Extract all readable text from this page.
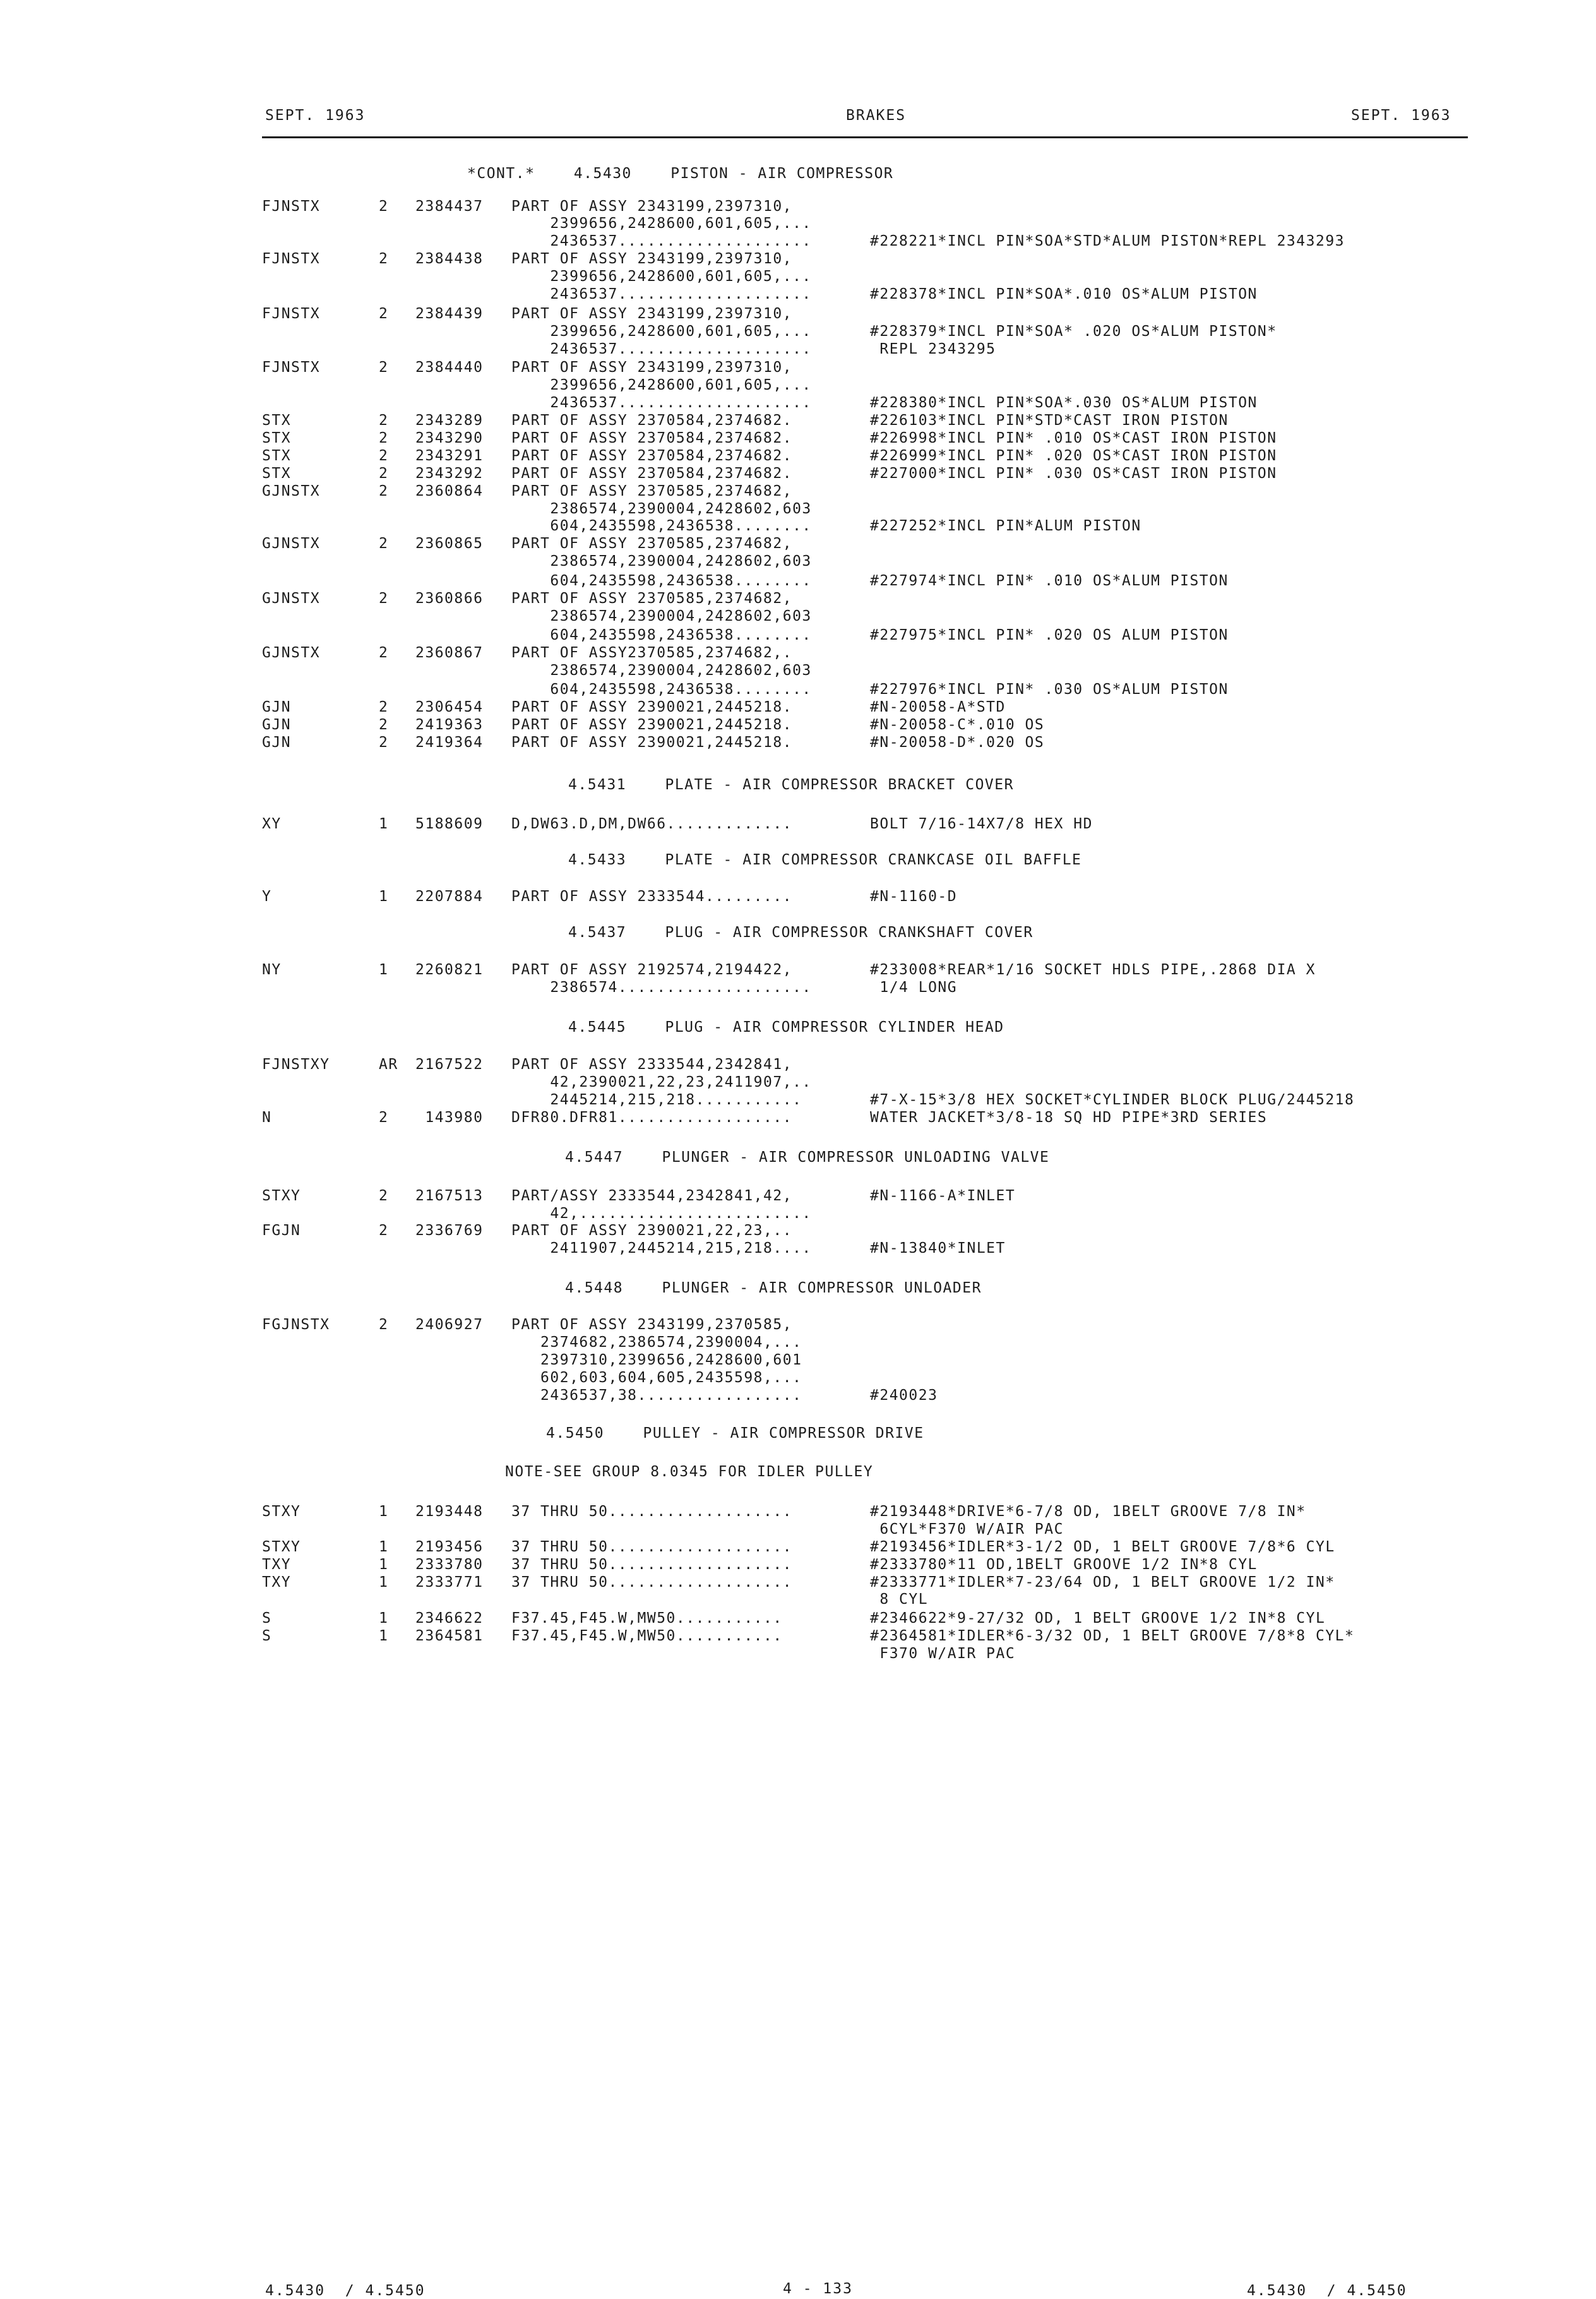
SEPT. 1963	BRAKES	SEPT. 1963
*CONT.*    4.5430    PISTON - AIR COMPRESSOR
FJNSTX	2 2384437 PART OF ASSY 2343199,2397310,
2399656,2428600,601,605,...
2436537....................	#228221*INCL PIN*SOA*STD*ALUM PISTON*REPL 2343293
FJNSTX	2 2384438 PART OF ASSY 2343199,2397310,
2399656,2428600,601,605,...
2436537....................	#228378*INCL PIN*SOA*.010 OS*ALUM PISTON
FJNSTX	2 2384439 PART OF ASSY 2343199,2397310,
2399656,2428600,601,605,...	#228379*INCL PIN*SOA* .020 OS*ALUM PISTON*
2436537....................	REPL 2343295
FJNSTX	2 2384440 PART OF ASSY 2343199,2397310,
2399656,2428600,601,605,...
2436537....................	#228380*INCL PIN*SOA*.030 OS*ALUM PISTON
STX	2 2343289 PART OF ASSY 2370584,2374682.	#226103*INCL PIN*STD*CAST IRON PISTON
STX	2 2343290 PART OF ASSY 2370584,2374682.	#226998*INCL PIN* .010 OS*CAST IRON PISTON
STX	2 2343291 PART OF ASSY 2370584,2374682.	#226999*INCL PIN* .020 OS*CAST IRON PISTON
STX	2 2343292 PART OF ASSY 2370584,2374682.	#227000*INCL PIN* .030 OS*CAST IRON PISTON
GJNSTX	2 2360864 PART OF ASSY 2370585,2374682,
2386574,2390004,2428602,603
604,2435598,2436538........	#227252*INCL PIN*ALUM PISTON
GJNSTX	2 2360865 PART OF ASSY 2370585,2374682,
2386574,2390004,2428602,603
604,2435598,2436538........	#227974*INCL PIN* .010 OS*ALUM PISTON
GJNSTX	2 2360866 PART OF ASSY 2370585,2374682,
2386574,2390004,2428602,603
604,2435598,2436538........	#227975*INCL PIN* .020 OS ALUM PISTON
GJNSTX	2 2360867 PART OF ASSY2370585,2374682,.
2386574,2390004,2428602,603
604,2435598,2436538........	#227976*INCL PIN* .030 OS*ALUM PISTON
GJN	2 2306454 PART OF ASSY 2390021,2445218.	#N-20058-A*STD
GJN	2 2419363 PART OF ASSY 2390021,2445218.	#N-20058-C*.010 OS
GJN	2 2419364 PART OF ASSY 2390021,2445218.	#N-20058-D*.020 OS
4.5431    PLATE - AIR COMPRESSOR BRACKET COVER
XY	1 5188609 D,DW63.D,DM,DW66.............	BOLT 7/16-14X7/8 HEX HD
4.5433    PLATE - AIR COMPRESSOR CRANKCASE OIL BAFFLE
Y	1 2207884 PART OF ASSY 2333544.........	#N-1160-D
4.5437    PLUG - AIR COMPRESSOR CRANKSHAFT COVER
NY	1 2260821 PART OF ASSY 2192574,2194422,	#233008*REAR*1/16 SOCKET HDLS PIPE,.2868 DIA X
2386574....................	1/4 LONG
4.5445    PLUG - AIR COMPRESSOR CYLINDER HEAD
FJNSTXY	AR 2167522 PART OF ASSY 2333544,2342841,
42,2390021,22,23,2411907,..
2445214,215,218...........	#7-X-15*3/8 HEX SOCKET*CYLINDER BLOCK PLUG/2445218
N	2 143980 DFR80.DFR81..................	WATER JACKET*3/8-18 SQ HD PIPE*3RD SERIES
4.5447    PLUNGER - AIR COMPRESSOR UNLOADING VALVE
STXY	2 2167513 PART/ASSY 2333544,2342841,42,	#N-1166-A*INLET
42,........................
FGJN	2 2336769 PART OF ASSY 2390021,22,23,..
2411907,2445214,215,218....	#N-13840*INLET
4.5448    PLUNGER - AIR COMPRESSOR UNLOADER
FGJNSTX	2 2406927 PART OF ASSY 2343199,2370585,
2374682,2386574,2390004,...
2397310,2399656,2428600,601
602,603,604,605,2435598,...
2436537,38.................	#240023
4.5450    PULLEY - AIR COMPRESSOR DRIVE
NOTE-SEE GROUP 8.0345 FOR IDLER PULLEY
STXY	1 2193448 37 THRU 50...................	#2193448*DRIVE*6-7/8 OD, 1BELT GROOVE 7/8 IN*
6CYL*F370 W/AIR PAC
STXY	1 2193456 37 THRU 50...................	#2193456*IDLER*3-1/2 OD, 1 BELT GROOVE 7/8*6 CYL
TXY	1 2333780 37 THRU 50...................	#2333780*11 OD,1BELT GROOVE 1/2 IN*8 CYL
TXY	1 2333771 37 THRU 50...................	#2333771*IDLER*7-23/64 OD, 1 BELT GROOVE 1/2 IN*
8 CYL
S	1 2346622 F37.45,F45.W,MW50...........	#2346622*9-27/32 OD, 1 BELT GROOVE 1/2 IN*8 CYL
S	1 2364581 F37.45,F45.W,MW50...........	#2364581*IDLER*6-3/32 OD, 1 BELT GROOVE 7/8*8 CYL*
F370 W/AIR PAC
4.5430  / 4.5450	4 - 133	4.5430  / 4.5450
